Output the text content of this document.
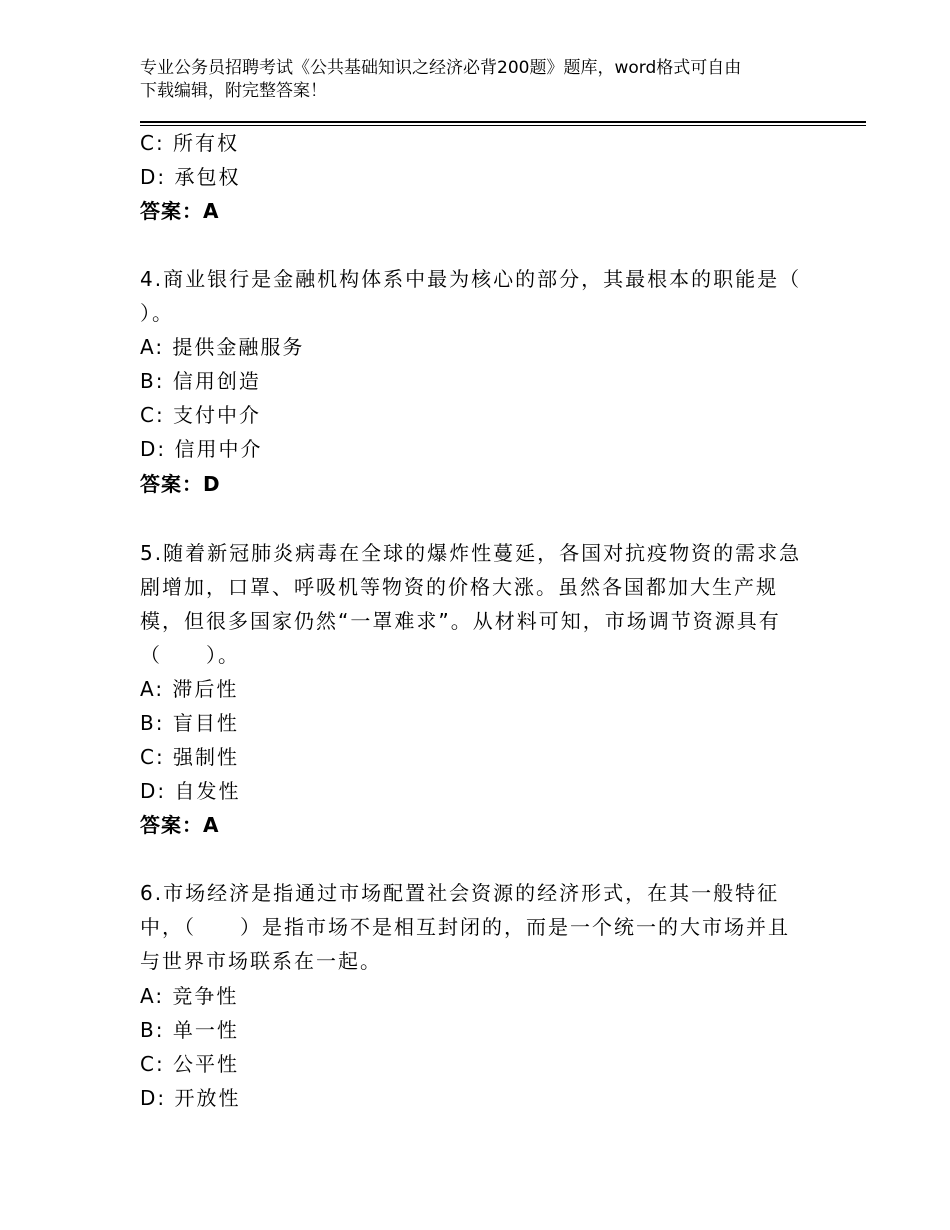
专业公务员招聘考试《公共基础知识之经济必背200题》题库，word格式可自由
下载编辑，附完整答案！
C: 所有权
D: 承包权
答案：A
4.商业银行是金融机构体系中最为核心的部分，其最根本的职能是（
）。
A: 提供金融服务
B: 信用创造
C: 支付中介
D: 信用中介
答案：D
5.随着新冠肺炎病毒在全球的爆炸性蔓延，各国对抗疫物资的需求急
剧增加，口罩、呼吸机等物资的价格大涨。虽然各国都加大生产规
模，但很多国家仍然“一罩难求”。从材料可知，市场调节资源具有
（　　）。
A: 滞后性
B: 盲目性
C: 强制性
D: 自发性
答案：A
6.市场经济是指通过市场配置社会资源的经济形式，在其一般特征
中，（　　）是指市场不是相互封闭的，而是一个统一的大市场并且
与世界市场联系在一起。
A: 竞争性
B: 单一性
C: 公平性
D: 开放性
